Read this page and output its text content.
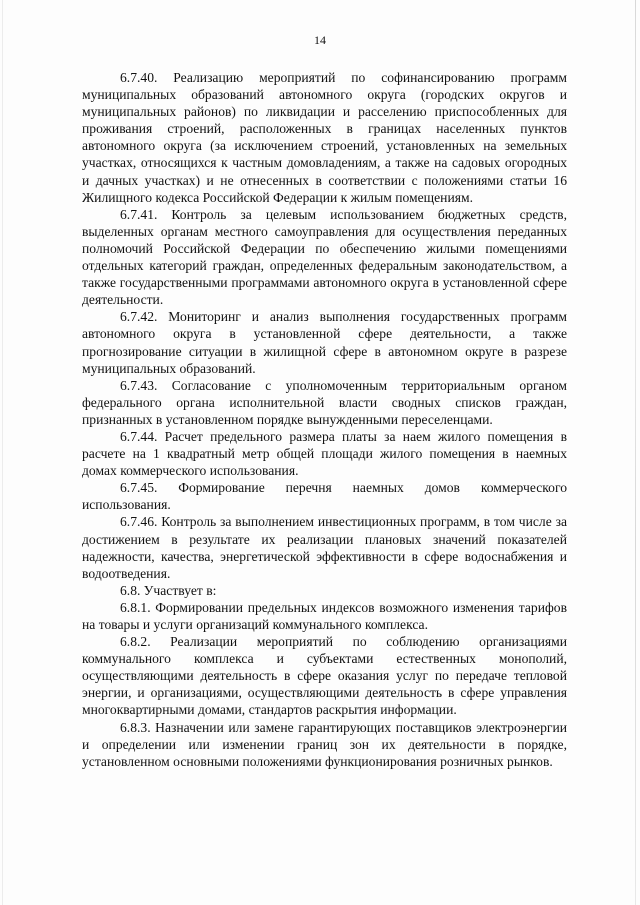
14

6.7.40. Реализацию мероприятий по софинансированию программ муниципальных образований автономного округа (городских округов и муниципальных районов) по ликвидации и расселению приспособленных для проживания строений, расположенных в границах населенных пунктов автономного округа (за исключением строений, установленных на земельных участках, относящихся к частным домовладениям, а также на садовых огородных и дачных участках) и не отнесенных в соответствии с положениями статьи 16 Жилищного кодекса Российской Федерации к жилым помещениям.

6.7.41. Контроль за целевым использованием бюджетных средств, выделенных органам местного самоуправления для осуществления переданных полномочий Российской Федерации по обеспечению жилыми помещениями отдельных категорий граждан, определенных федеральным законодательством, а также государственными программами автономного округа в установленной сфере деятельности.

6.7.42. Мониторинг и анализ выполнения государственных программ автономного округа в установленной сфере деятельности, а также прогнозирование ситуации в жилищной сфере в автономном округе в разрезе муниципальных образований.

6.7.43. Согласование с уполномоченным территориальным органом федерального органа исполнительной власти сводных списков граждан, признанных в установленном порядке вынужденными переселенцами.

6.7.44. Расчет предельного размера платы за наем жилого помещения в расчете на 1 квадратный метр общей площади жилого помещения в наемных домах коммерческого использования.

6.7.45. Формирование перечня наемных домов коммерческого использования.

6.7.46. Контроль за выполнением инвестиционных программ, в том числе за достижением в результате их реализации плановых значений показателей надежности, качества, энергетической эффективности в сфере водоснабжения и водоотведения.

6.8. Участвует в:

6.8.1. Формировании предельных индексов возможного изменения тарифов на товары и услуги организаций коммунального комплекса.

6.8.2. Реализации мероприятий по соблюдению организациями коммунального комплекса и субъектами естественных монополий, осуществляющими деятельность в сфере оказания услуг по передаче тепловой энергии, и организациями, осуществляющими деятельность в сфере управления многоквартирными домами, стандартов раскрытия информации.

6.8.3. Назначении или замене гарантирующих поставщиков электроэнергии и определении или изменении границ зон их деятельности в порядке, установленном основными положениями функционирования розничных рынков.
